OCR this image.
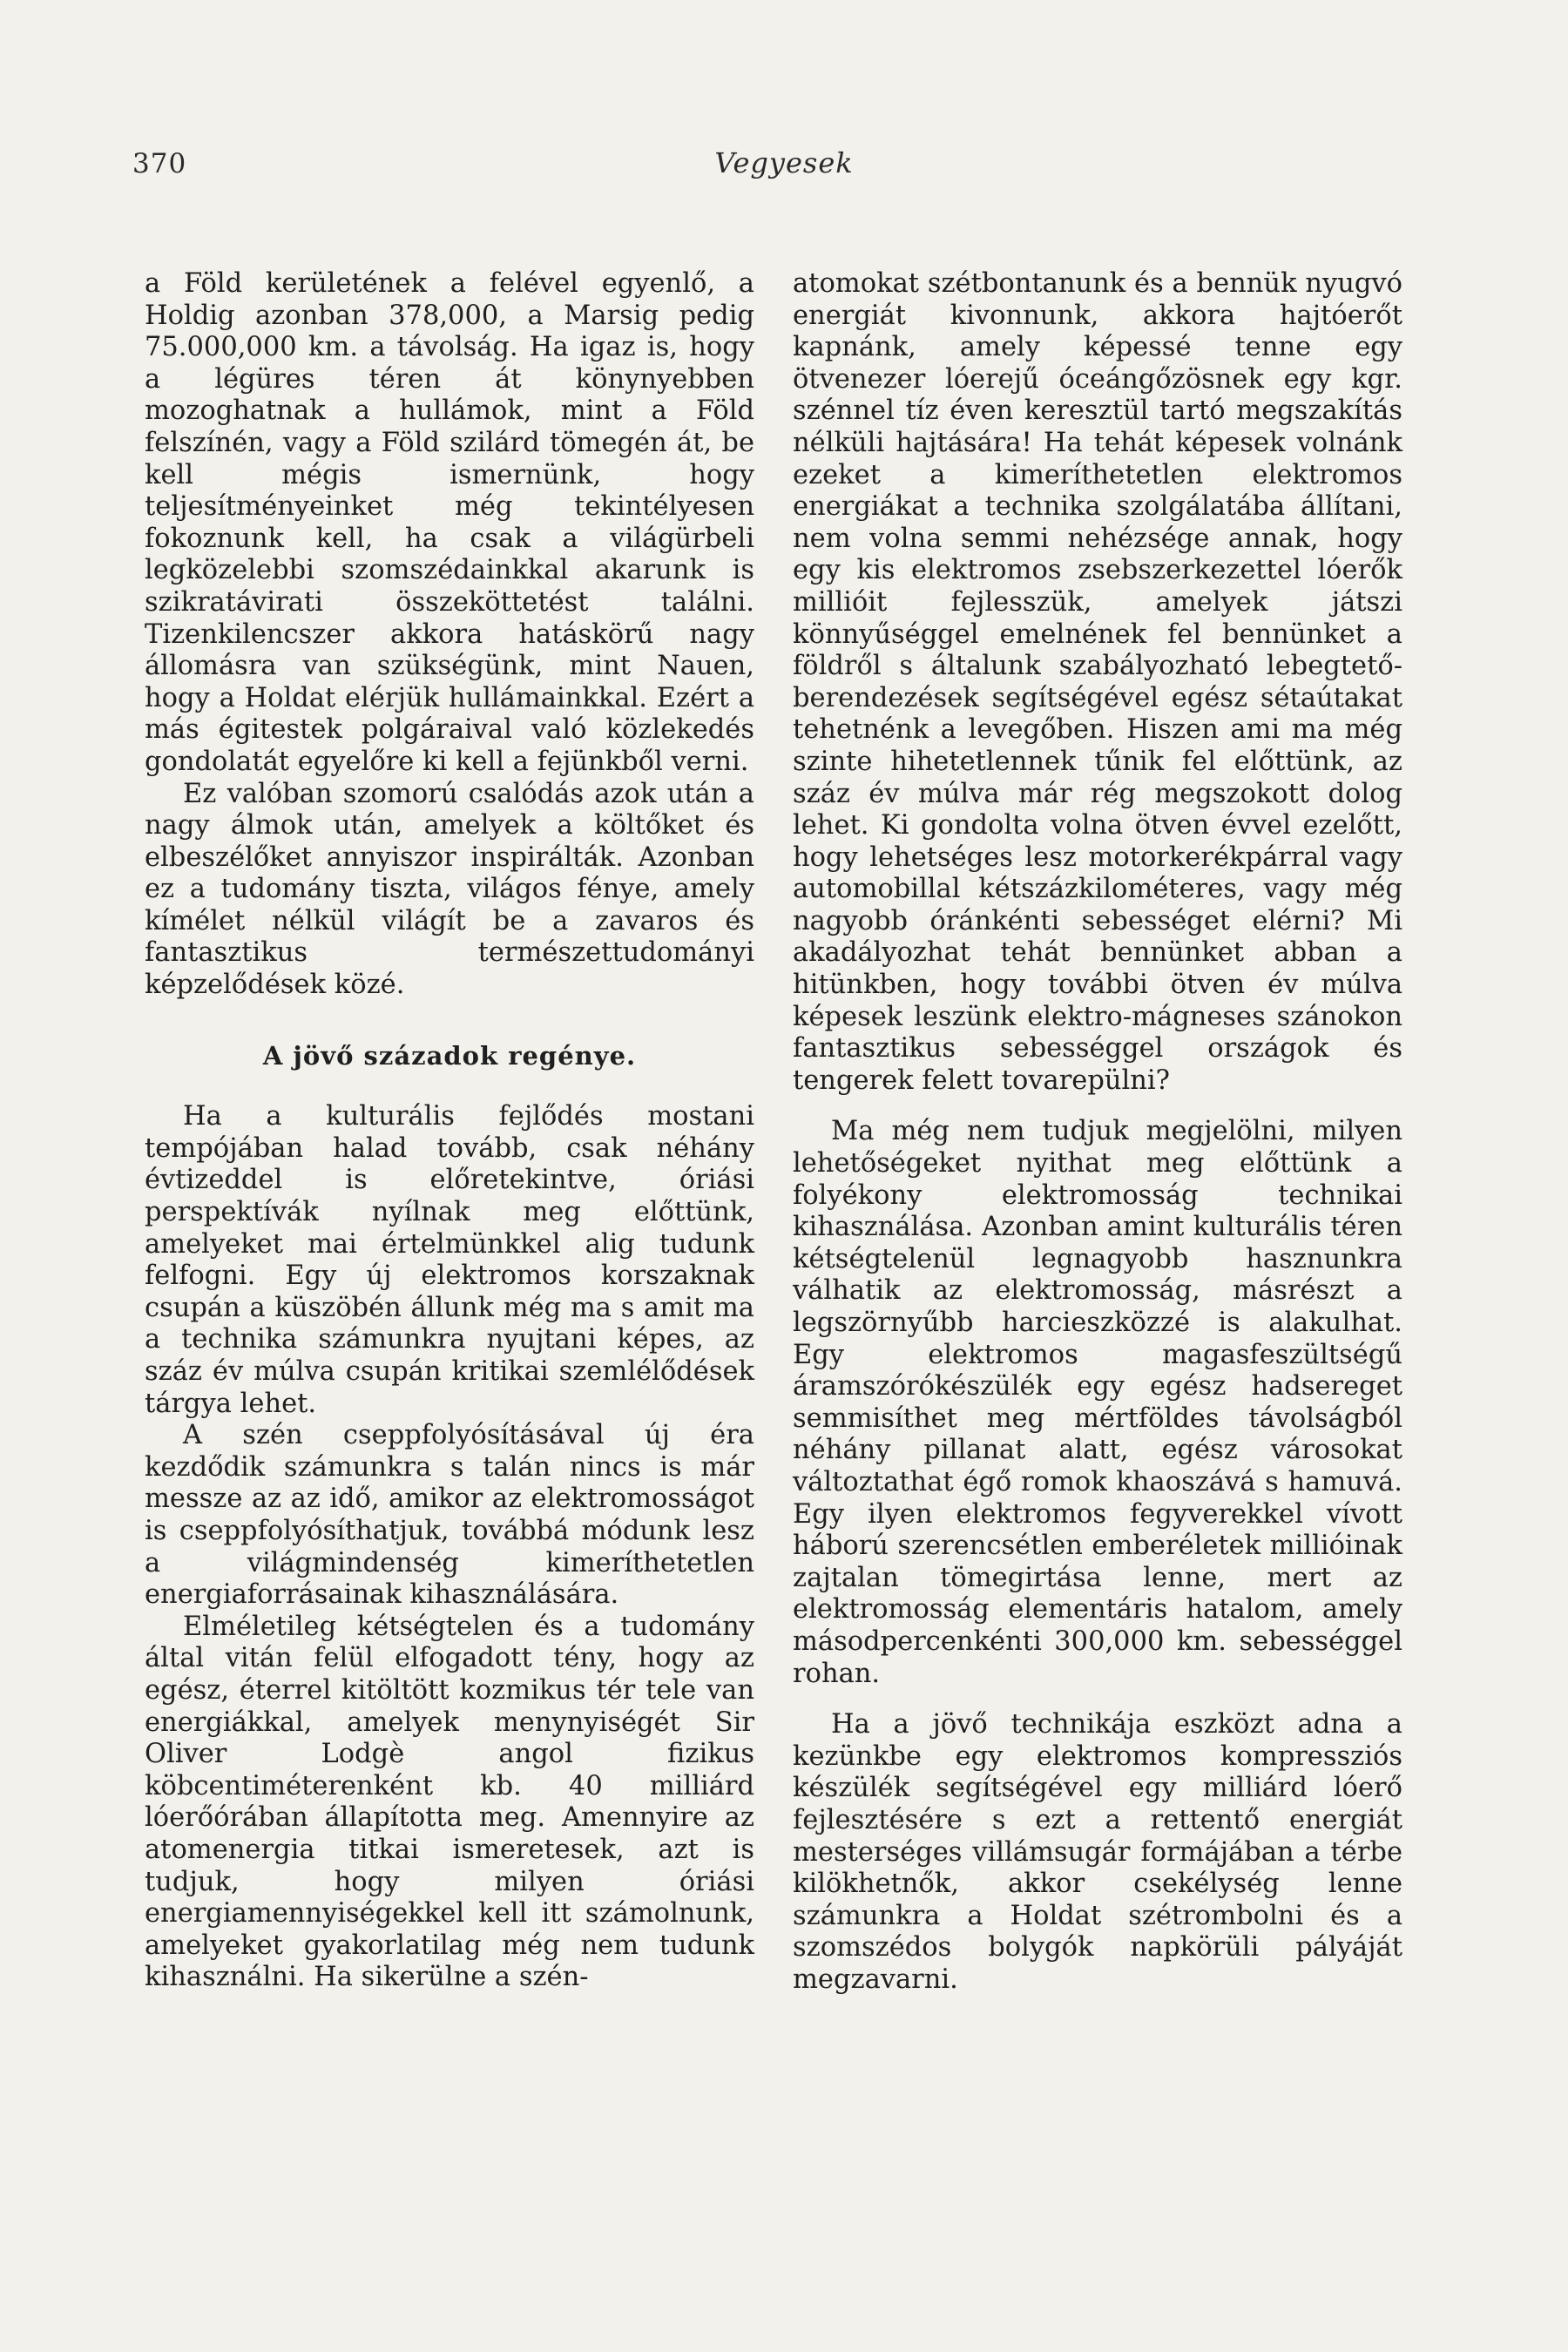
370	Vegyesek

a Föld kerületének a felével egyenlő, a Holdig azonban 378,000, a Marsig pedig 75.000,000 km. a távolság. Ha igaz is, hogy a légüres téren át könynyebben mozoghatnak a hullámok, mint a Föld felszínén, vagy a Föld szilárd tömegén át, be kell mégis ismernünk, hogy teljesítményeinket még tekintélyesen fokoznunk kell, ha csak a világürbeli legközelebbi szomszédainkkal akarunk is szikratávirati összeköttetést találni. Tizenkilencszer akkora hatáskörű nagy állomásra van szükségünk, mint Nauen, hogy a Holdat elérjük hullámainkkal. Ezért a más égitestek polgáraival való közlekedés gondolatát egyelőre ki kell a fejünkből verni.

Ez valóban szomorú csalódás azok után a nagy álmok után, amelyek a költőket és elbeszélőket annyiszor inspirálták. Azonban ez a tudomány tiszta, világos fénye, amely kímélet nélkül világít be a zavaros és fantasztikus természettudományi képzelődések közé.

A jövő századok regénye.

Ha a kulturális fejlődés mostani tempójában halad tovább, csak néhány évtizeddel is előretekintve, óriási perspektívák nyílnak meg előttünk, amelyeket mai értelmünkkel alig tudunk felfogni. Egy új elektromos korszaknak csupán a küszöbén állunk még ma s amit ma a technika számunkra nyujtani képes, az száz év múlva csupán kritikai szemlélődések tárgya lehet.

A szén cseppfolyósításával új éra kezdődik számunkra s talán nincs is már messze az az idő, amikor az elektromosságot is cseppfolyósíthatjuk, továbbá módunk lesz a világmindenség kimeríthetetlen energiaforrásainak kihasználására.

Elméletileg kétségtelen és a tudomány által vitán felül elfogadott tény, hogy az egész, éterrel kitöltött kozmikus tér tele van energiákkal, amelyek menynyiségét Sir Oliver Lodgè angol fizikus köbcentiméterenként kb. 40 milliárd lóerőórában állapította meg. Amennyire az atomenergia titkai ismeretesek, azt is tudjuk, hogy milyen óriási energiamennyiségekkel kell itt számolnunk, amelyeket gyakorlatilag még nem tudunk kihasználni. Ha sikerülne a szén-

atomokat szétbontanunk és a bennük nyugvó energiát kivonnunk, akkora hajtóerőt kapnánk, amely képessé tenne egy ötvenezer lóerejű óceángőzösnek egy kgr. szénnel tíz éven keresztül tartó megszakítás nélküli hajtására! Ha tehát képesek volnánk ezeket a kimeríthetetlen elektromos energiákat a technika szolgálatába állítani, nem volna semmi nehézsége annak, hogy egy kis elektromos zsebszerkezettel lóerők millióit fejlesszük, amelyek játszi könnyűséggel emelnének fel bennünket a földről s általunk szabályozható lebegtető-berendezések segítségével egész sétaútakat tehetnénk a levegőben. Hiszen ami ma még szinte hihetetlennek tűnik fel előttünk, az száz év múlva már rég megszokott dolog lehet. Ki gondolta volna ötven évvel ezelőtt, hogy lehetséges lesz motorkerékpárral vagy automobillal kétszázkilométeres, vagy még nagyobb óránkénti sebességet elérni? Mi akadályozhat tehát bennünket abban a hitünkben, hogy további ötven év múlva képesek leszünk elektro-mágneses szánokon fantasztikus sebességgel országok és tengerek felett tovarepülni?

Ma még nem tudjuk megjelölni, milyen lehetőségeket nyithat meg előttünk a folyékony elektromosság technikai kihasználása. Azonban amint kulturális téren kétségtelenül legnagyobb hasznunkra válhatik az elektromosság, másrészt a legszörnyűbb harcieszközzé is alakulhat. Egy elektromos magasfeszültségű áramszórókészülék egy egész hadsereget semmisíthet meg mértföldes távolságból néhány pillanat alatt, egész városokat változtathat égő romok khaoszává s hamuvá. Egy ilyen elektromos fegyverekkel vívott háború szerencsétlen emberéletek millióinak zajtalan tömegirtása lenne, mert az elektromosság elementáris hatalom, amely másodpercenkénti 300,000 km. sebességgel rohan.

Ha a jövő technikája eszközt adna a kezünkbe egy elektromos kompressziós készülék segítségével egy milliárd lóerő fejlesztésére s ezt a rettentő energiát mesterséges villámsugár formájában a térbe kilökhetnők, akkor csekélység lenne számunkra a Holdat szétrombolni és a szomszédos bolygók napkörüli pályáját megzavarni.
